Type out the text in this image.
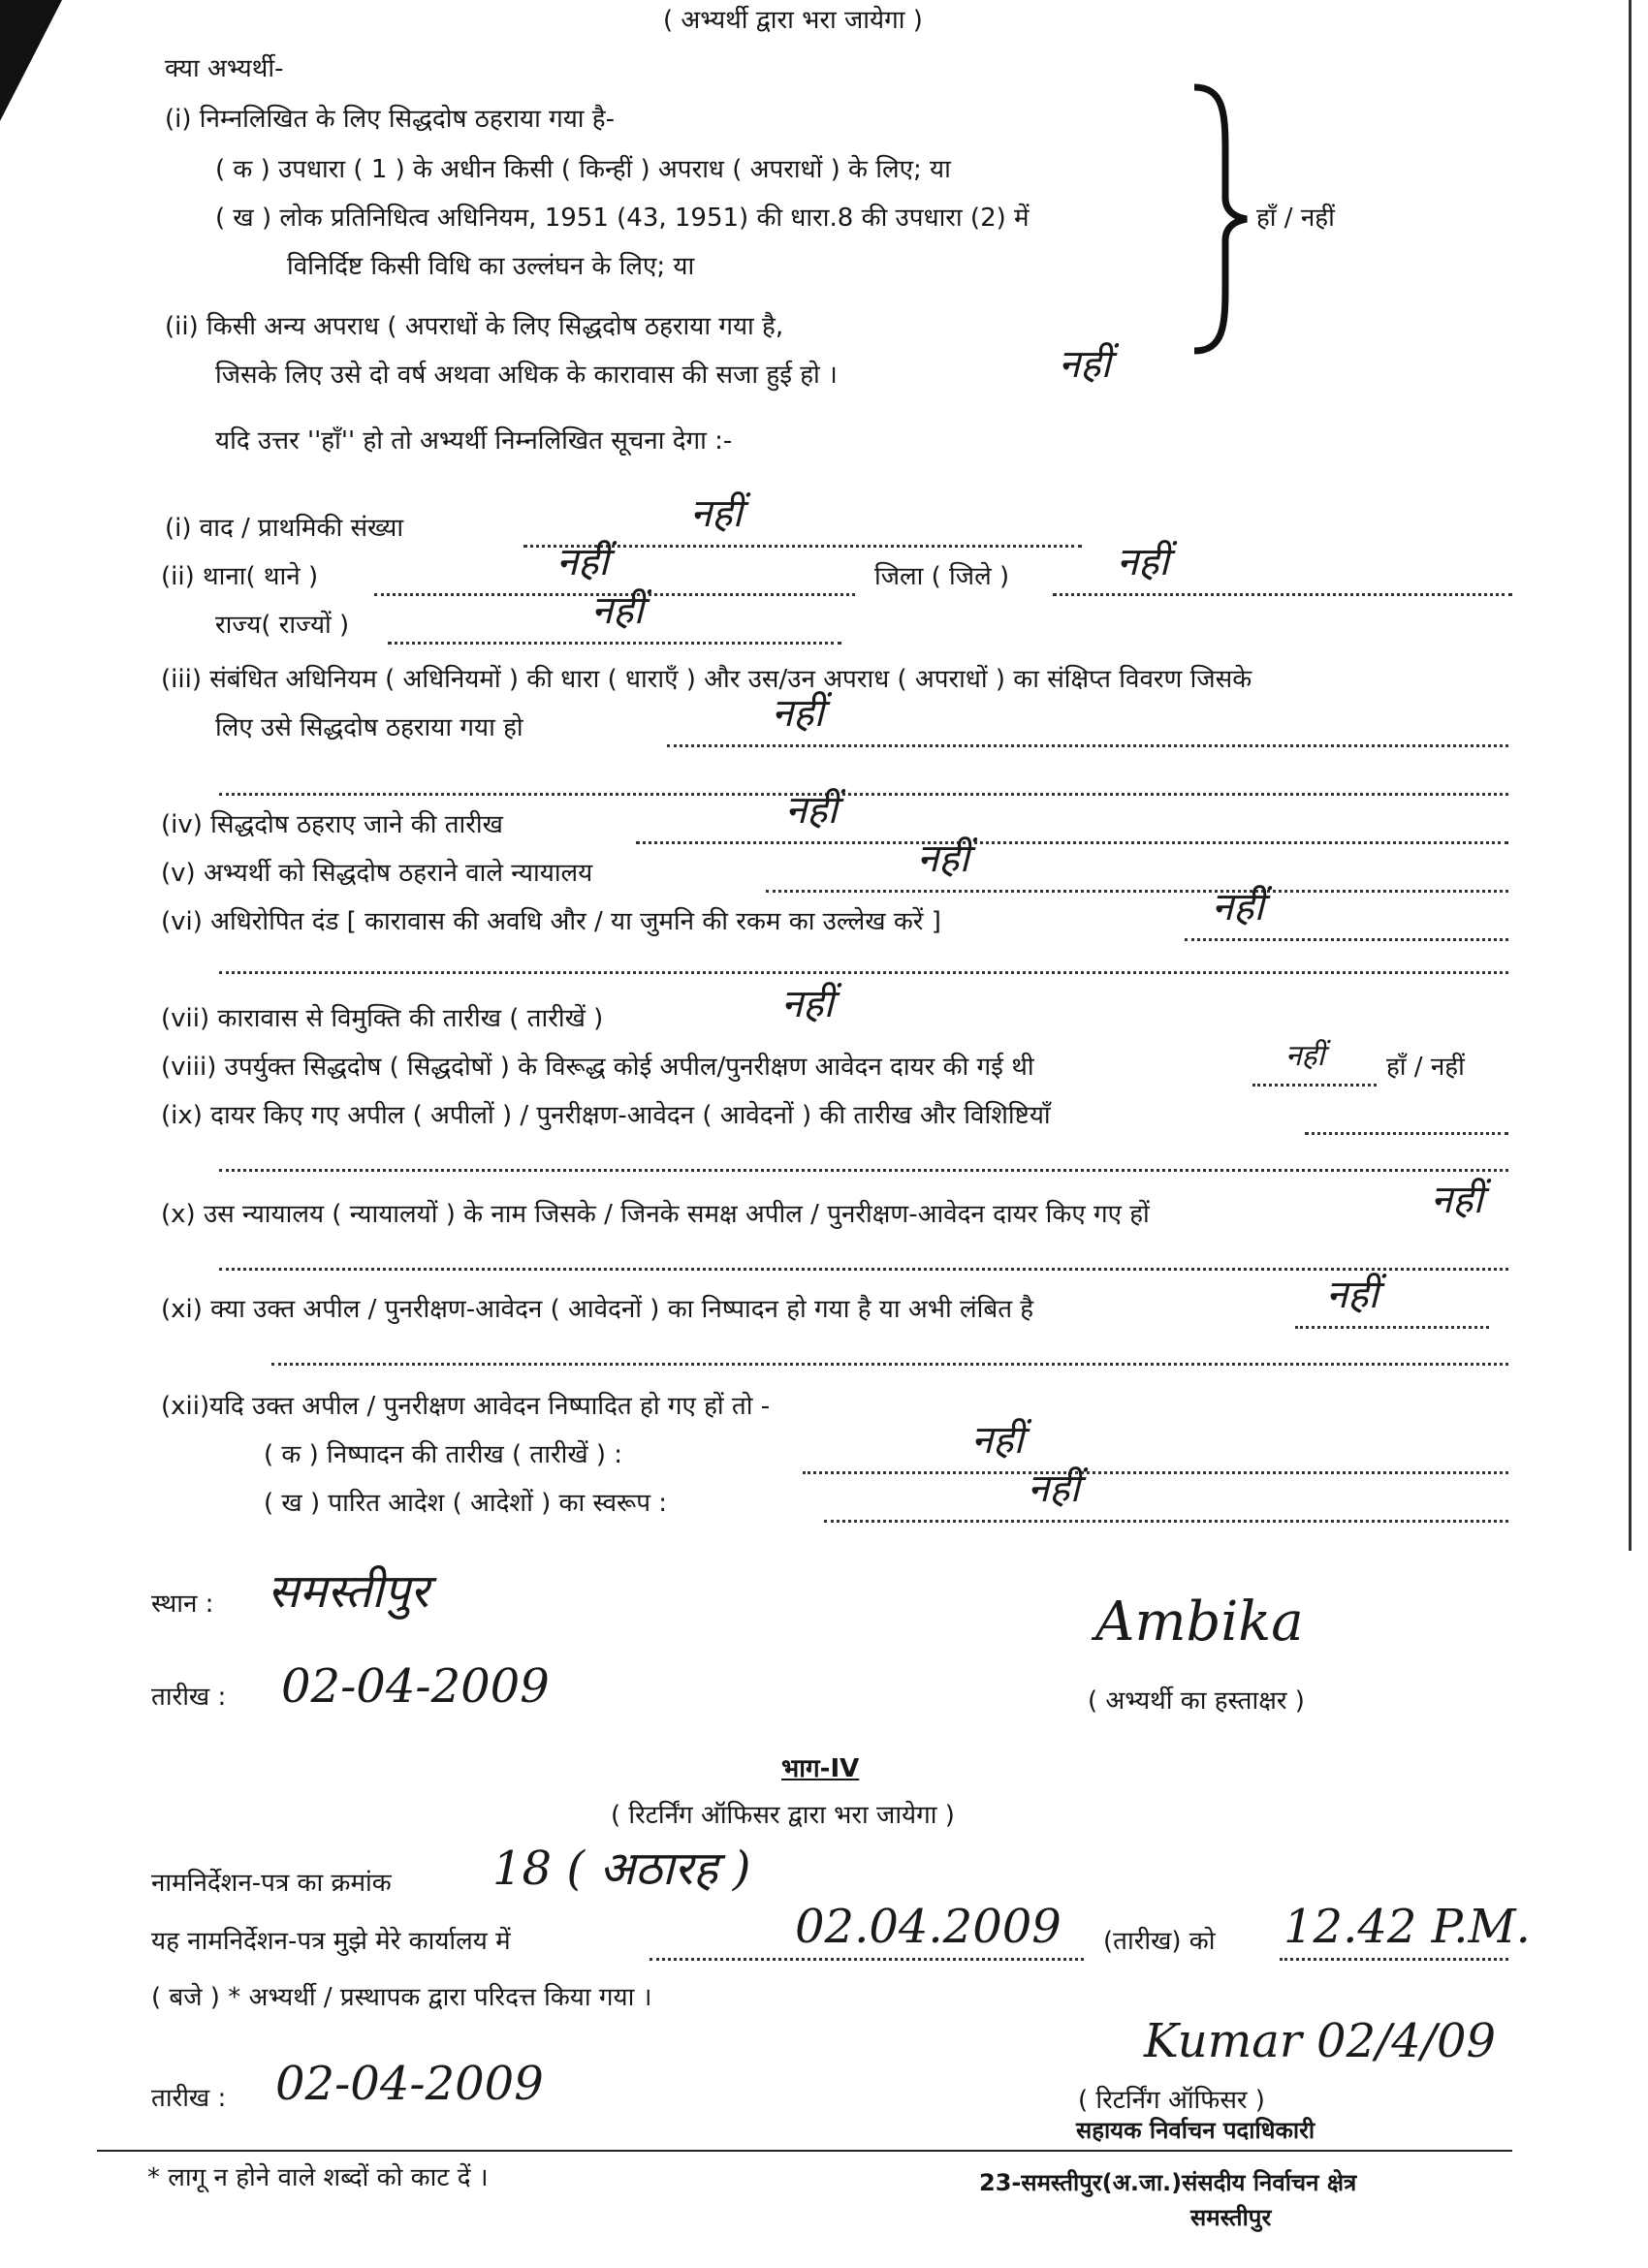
( अभ्यर्थी द्वारा भरा जायेगा )
क्या अभ्यर्थी-
(i) निम्नलिखित के लिए सिद्धदोष ठहराया गया है-
( क ) उपधारा ( 1 ) के अधीन किसी ( किन्हीं ) अपराध ( अपराधों ) के लिए; या
( ख ) लोक प्रतिनिधित्व अधिनियम, 1951 (43, 1951) की धारा.8 की उपधारा (2) में
विनिर्दिष्ट किसी विधि का उल्लंघन के लिए; या
(ii) किसी अन्य अपराध ( अपराधों के लिए सिद्धदोष ठहराया गया है,
जिसके लिए उसे दो वर्ष अथवा अधिक के कारावास की सजा हुई हो ।	नहीं
हाँ / नहीं
यदि उत्तर ''हाँ'' हो तो अभ्यर्थी निम्नलिखित सूचना देगा :-
(i) वाद / प्राथमिकी संख्या	नहीं
(ii) थाना( थाने )	नहीं	जिला ( जिले )	नहीं
राज्य( राज्यों )	नहीं
(iii) संबंधित अधिनियम ( अधिनियमों ) की धारा ( धाराएँ ) और उस/उन अपराध ( अपराधों ) का संक्षिप्त विवरण जिसके
लिए उसे सिद्धदोष ठहराया गया हो	नहीं
(iv) सिद्धदोष ठहराए जाने की तारीख	नहीं
(v) अभ्यर्थी को सिद्धदोष ठहराने वाले न्यायालय	नहीं
(vi) अधिरोपित दंड [ कारावास की अवधि और / या जुमनि की रकम का उल्लेख करें ]	नहीं
(vii) कारावास से विमुक्ति की तारीख ( तारीखें )	नहीं
(viii) उपर्युक्त सिद्धदोष ( सिद्धदोषों ) के विरूद्ध कोई अपील/पुनरीक्षण आवेदन दायर की गई थी	नहीं हाँ / नहीं
(ix) दायर किए गए अपील ( अपीलों ) / पुनरीक्षण-आवेदन ( आवेदनों ) की तारीख और विशिष्टियाँ
(x) उस न्यायालय ( न्यायालयों ) के नाम जिसके / जिनके समक्ष अपील / पुनरीक्षण-आवेदन दायर किए गए हों	नहीं
(xi) क्या उक्त अपील / पुनरीक्षण-आवेदन ( आवेदनों ) का निष्पादन हो गया है या अभी लंबित है	नहीं
(xii)यदि उक्त अपील / पुनरीक्षण आवेदन निष्पादित हो गए हों तो -
( क ) निष्पादन की तारीख ( तारीखें ) :	नहीं
( ख ) पारित आदेश ( आदेशों ) का स्वरूप :	नहीं
स्थान : समस्तीपुर
तारीख : 02-04-2009
Ambika
( अभ्यर्थी का हस्ताक्षर )
भाग-IV
( रिटर्निंग ऑफिसर द्वारा भरा जायेगा )
नामनिर्देशन-पत्र का क्रमांक 18 ( अठारह )
यह नामनिर्देशन-पत्र मुझे मेरे कार्यालय में	02.04.2009 (तारीख) को 12.42 P.M.
( बजे ) * अभ्यर्थी / प्रस्थापक द्वारा परिदत्त किया गया ।
तारीख : 02-04-2009
Kumar 02/4/09
( रिटर्निंग ऑफिसर )
सहायक निर्वाचन पदाधिकारी
* लागू न होने वाले शब्दों को काट दें ।	23-समस्तीपुर(अ.जा.)संसदीय निर्वाचन क्षेत्र
समस्तीपुर
